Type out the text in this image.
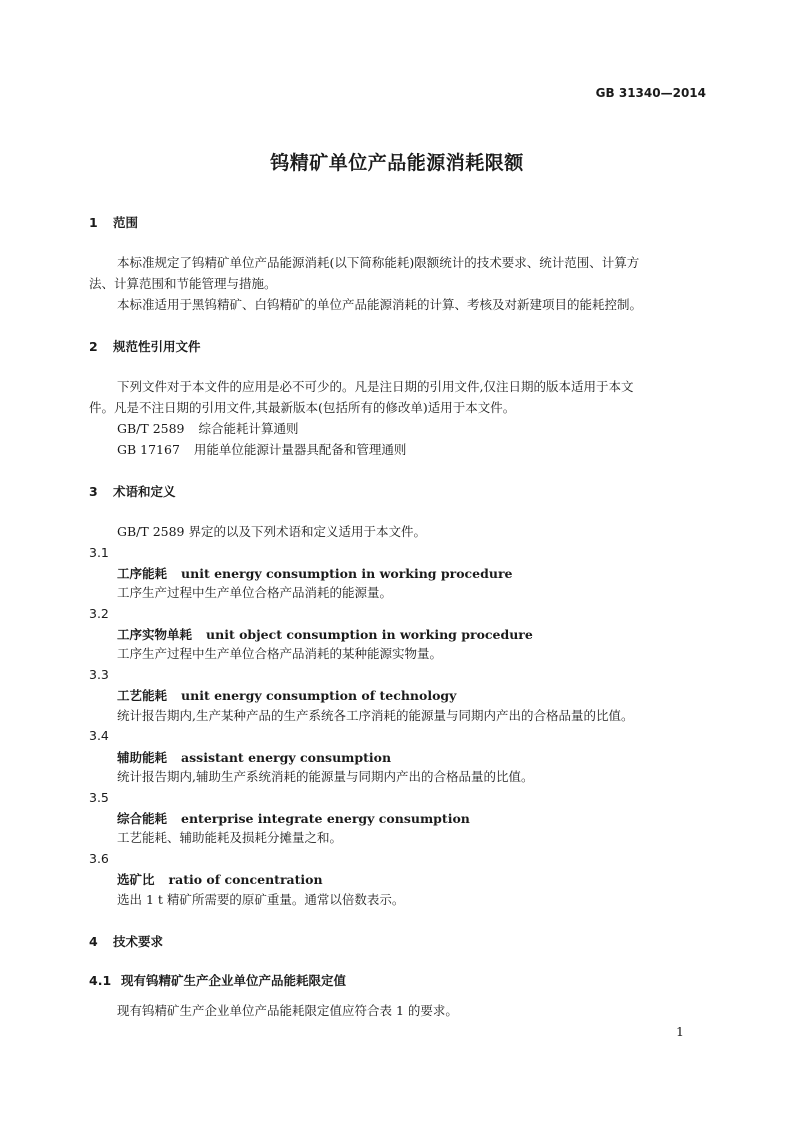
GB 31340—2014
钨精矿单位产品能源消耗限额
1 范围
本标准规定了钨精矿单位产品能源消耗(以下简称能耗)限额统计的技术要求、统计范围、计算方
法、计算范围和节能管理与措施。
本标准适用于黑钨精矿、白钨精矿的单位产品能源消耗的计算、考核及对新建项目的能耗控制。
2 规范性引用文件
下列文件对于本文件的应用是必不可少的。凡是注日期的引用文件,仅注日期的版本适用于本文
件。凡是不注日期的引用文件,其最新版本(包括所有的修改单)适用于本文件。
GB/T 2589 综合能耗计算通则
GB 17167 用能单位能源计量器具配备和管理通则
3 术语和定义
GB/T 2589 界定的以及下列术语和定义适用于本文件。
3.1
工序能耗 unit energy consumption in working procedure
工序生产过程中生产单位合格产品消耗的能源量。
3.2
工序实物单耗 unit object consumption in working procedure
工序生产过程中生产单位合格产品消耗的某种能源实物量。
3.3
工艺能耗 unit energy consumption of technology
统计报告期内,生产某种产品的生产系统各工序消耗的能源量与同期内产出的合格品量的比值。
3.4
辅助能耗 assistant energy consumption
统计报告期内,辅助生产系统消耗的能源量与同期内产出的合格品量的比值。
3.5
综合能耗 enterprise integrate energy consumption
工艺能耗、辅助能耗及损耗分摊量之和。
3.6
选矿比 ratio of concentration
选出 1 t 精矿所需要的原矿重量。通常以倍数表示。
4 技术要求
4.1 现有钨精矿生产企业单位产品能耗限定值
现有钨精矿生产企业单位产品能耗限定值应符合表 1 的要求。
1
